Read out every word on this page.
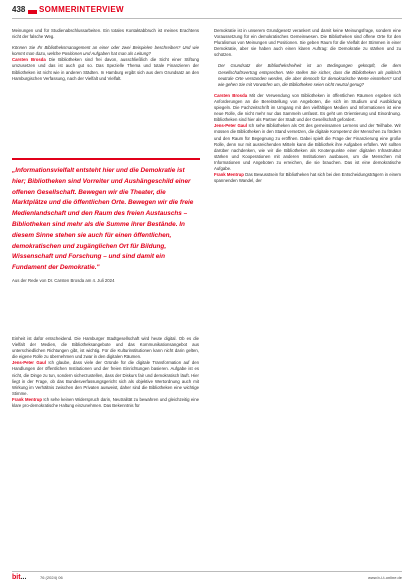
438 SOMMERINTERVIEW

Meinungen und für Studienabschlussarbeiten. Ein totales Kontaktabbruch ist meines Erachtens nicht der falsche Weg.

Können Sie Ihr Bibliotheksmanagement an einer oder zwei Beispielen beschreiben? Und wie kommt man dazu, welche Positionen und Aufgaben hat man als Leitung?

Carsten Brosda Die Bibliotheken sind frei davon, ausschließlich die Sicht einer Stiftung umzusetzen und das ist auch gut so. Das Spezielle Thema und totale Finanzieren der Bibliotheken ist nicht wie in anderen Städten. In Hamburg ergibt sich aus dem Grundsatz an den Hamburgischen Verfassung, nach der Vielfalt und Vielfalt.

„Informationsvielfalt entsteht hier und die Demokratie ist hier; Bibliotheken sind Vorreiter und Aushängeschild einer offenen Gesellschaft. Bewegen wir die Theater, die Marktplätze und die öffentlichen Orte. Bewegen wir die freie Medienlandschaft und den Raum des freien Austauschs – Bibliotheken sind mehr als die Summe ihrer Bestände. In diesem Sinne stehen sie auch für einen öffentlichen, demokratischen und zugänglichen Ort für Bildung, Wissenschaft und Forschung – und sind damit ein Fundament der Demokratie."
Aus der Rede von Dr. Carsten Brosda am 4. Juli 2024

Einheit ist dafür entscheidend. Die Hamburger Stadtgesellschaft wird heute digital. Ob es die Vielfalt der Medien, die Bibliotheksangebote und das Kommunikationsangebot aus unterschiedlichen Richtungen gibt, ist wichtig. Für die Kulturinstitutionen kann nicht darin gelten, die eigene Rolle zu übernehmen und zwar in den digitalen Räumen.

Jens-Peter Gaul Ich glaube, dass viele der Gründe für die digitale Transformation auf den Handlungen der öffentlichen Institutionen und der freien Einrichtungen basieren. Aufgabe ist es nicht, die Dinge zu tun, sondern sicherzustellen, dass der Diskurs fair und demokratisch läuft. Hier liegt in der Frage, ob das Bundesverfassungsgericht sich als objektive Wertordnung auch mit Wirkung im Verhältnis zwischen den Privaten ausweist, daher sind die Bibliotheken eine wichtige Stimme.

Frank Mentrup Ich sehe keinen Widerspruch darin, Neutralität zu bewahren und gleichzeitig eine klare pro-demokratische Haltung einzunehmen. Das Bekenntnis für

Demokratie ist in unserem Grundgesetz verankert und damit keine Meinungsfrage, sondern eine Voraussetzung für ein demokratisches Gemeinwesen. Die Bibliotheken sind offene Orte für den Pluralismus von Meinungen und Positionen. Sie geben Raum für die Vielfalt der Stimmen in einer Demokratie, aber sie haben auch einen klaren Auftrag: die Demokratie zu stärken und zu schützen.

Der Grundsatz der Bibliotheksfreiheit ist an Bedingungen geknüpft, die dem Gesellschaftsvertrag entsprechen. Wie stellen Sie sicher, dass die Bibliotheken als politisch neutrale Orte verstanden werden, die aber dennoch für demokratische Werte einstehen? Und wie gehen Sie mit Vorwürfen um, die Bibliotheken seien nicht neutral genug?

Carsten Brosda Mit der Verwendung von Bibliotheken in öffentlichen Räumen ergeben sich Anforderungen an die Bereitstellung von Angeboten, die sich im Studium und Ausbildung spiegeln. Die Fachzeitschrift im Umgang mit den vielfältigen Medien und Informationen ist eine neue Rolle, die nicht mehr nur das Sammeln umfasst. Es geht um Orientierung und Einordnung. Bibliotheken sind hier als Partner der Stadt und der Gesellschaft gefordert.

Jens-Peter Gaul Ich sehe Bibliotheken als Ort des gemeinsamen Lernens und der Teilhabe. Wir müssen die Bibliotheken in den Stand versetzen, die digitale Kompetenz der Menschen zu fördern und den Raum für Begegnung zu eröffnen. Dabei spielt die Frage der Finanzierung eine große Rolle, denn nur mit ausreichenden Mitteln kann die Bibliothek ihre Aufgaben erfüllen. Wir sollten darüber nachdenken, wie wir die Bibliotheken als Knotenpunkte einer digitalen Infrastruktur stärken und Kooperationen mit anderen Institutionen ausbauen, um die Menschen mit Informationen und Angeboten zu erreichen, die sie brauchen. Das ist eine demokratische Aufgabe.

Frank Mentrup Das Bewusstsein für Bibliotheken hat sich bei den Entscheidungsträgern in einem spannenden Wandel, der

bit...	76 (2024) 06	www.b-i-t-online.de
